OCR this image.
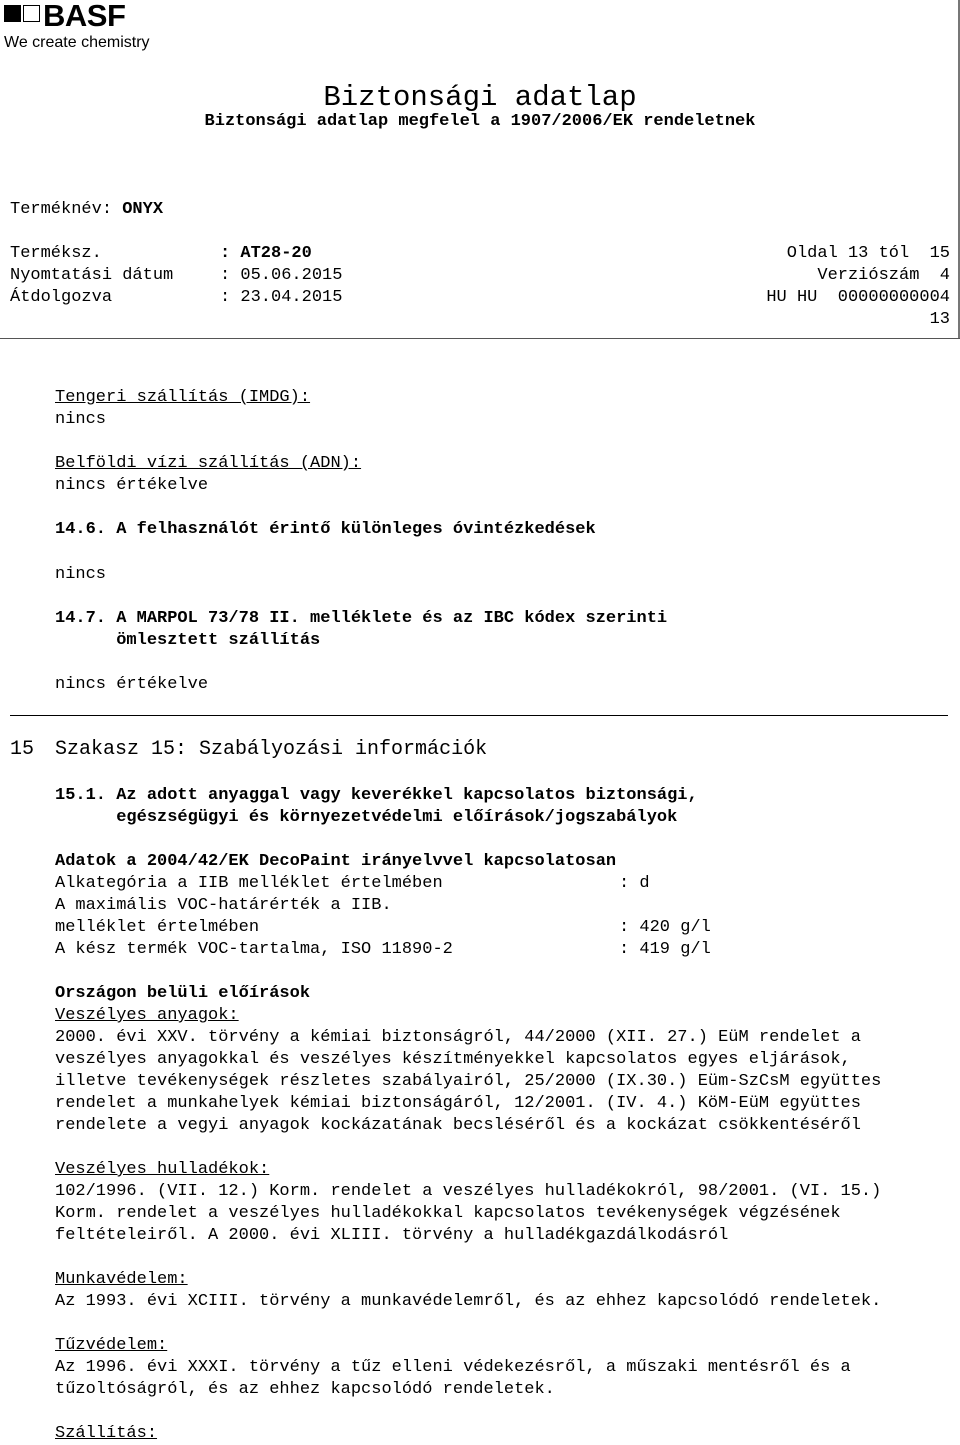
BASF
We create chemistry
Biztonsági adatlap
Biztonsági adatlap megfelel a 1907/2006/EK rendeletnek
Terméknév: ONYX
Terméksz.	: AT28-20	Oldal 13 tól  15
Nyomtatási dátum	: 05.06.2015	Verziószám  4
Átdolgozva	: 23.04.2015	HU HU  00000000004
13
Tengeri szállítás (IMDG):
nincs
Belföldi vízi szállítás (ADN):
nincs értékelve
14.6. A felhasználót érintő különleges óvintézkedések
nincs
14.7. A MARPOL 73/78 II. melléklete és az IBC kódex szerinti
ömlesztett szállítás
nincs értékelve
15 Szakasz 15: Szabályozási információk
15.1. Az adott anyaggal vagy keverékkel kapcsolatos biztonsági,
egészségügyi és környezetvédelmi előírások/jogszabályok
Adatok a 2004/42/EK DecoPaint irányelvvel kapcsolatosan
Alkategória a IIB melléklet értelmében	: d
A maximális VOC-határérték a IIB.
melléklet értelmében	: 420 g/l
A kész termék VOC-tartalma, ISO 11890-2	: 419 g/l
Országon belüli előírások
Veszélyes anyagok:
2000. évi XXV. törvény a kémiai biztonságról, 44/2000 (XII. 27.) EüM rendelet a
veszélyes anyagokkal és veszélyes készítményekkel kapcsolatos egyes eljárások,
illetve tevékenységek részletes szabályairól, 25/2000 (IX.30.) Eüm-SzCsM együttes
rendelet a munkahelyek kémiai biztonságáról, 12/2001. (IV. 4.) KöM-EüM együttes
rendelete a vegyi anyagok kockázatának becsléséről és a kockázat csökkentéséről
Veszélyes hulladékok:
102/1996. (VII. 12.) Korm. rendelet a veszélyes hulladékokról, 98/2001. (VI. 15.)
Korm. rendelet a veszélyes hulladékokkal kapcsolatos tevékenységek végzésének
feltételeiről. A 2000. évi XLIII. törvény a hulladékgazdálkodásról
Munkavédelem:
Az 1993. évi XCIII. törvény a munkavédelemről, és az ehhez kapcsolódó rendeletek.
Tűzvédelem:
Az 1996. évi XXXI. törvény a tűz elleni védekezésről, a műszaki mentésről és a
tűzoltóságról, és az ehhez kapcsolódó rendeletek.
Szállítás:
